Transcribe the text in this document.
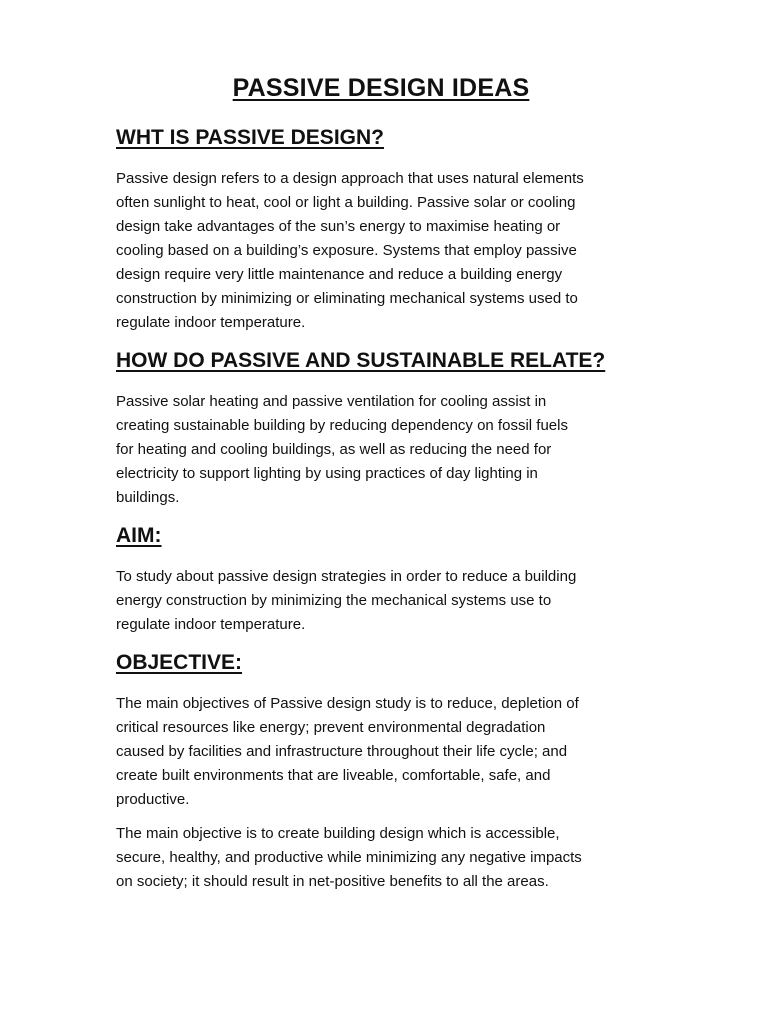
PASSIVE DESIGN IDEAS
WHT IS PASSIVE DESIGN?

Passive design refers to a design approach that uses natural elements
often sunlight to heat, cool or light a building. Passive solar or cooling
design take advantages of the sun’s energy to maximise heating or
cooling based on a building’s exposure. Systems that employ passive
design require very little maintenance and reduce a building energy
construction by minimizing or eliminating mechanical systems used to
regulate indoor temperature.

HOW DO PASSIVE AND SUSTAINABLE RELATE?

Passive solar heating and passive ventilation for cooling assist in
creating sustainable building by reducing dependency on fossil fuels
for heating and cooling buildings, as well as reducing the need for
electricity to support lighting by using practices of day lighting in
buildings.

AIM:

To study about passive design strategies in order to reduce a building
energy construction by minimizing the mechanical systems use to
regulate indoor temperature.

OBJECTIVE:

The main objectives of Passive design study is to reduce, depletion of
critical resources like energy; prevent environmental degradation
caused by facilities and infrastructure throughout their life cycle; and
create built environments that are liveable, comfortable, safe, and
productive.

The main objective is to create building design which is accessible,
secure, healthy, and productive while minimizing any negative impacts
on society; it should result in net-positive benefits to all the areas.
